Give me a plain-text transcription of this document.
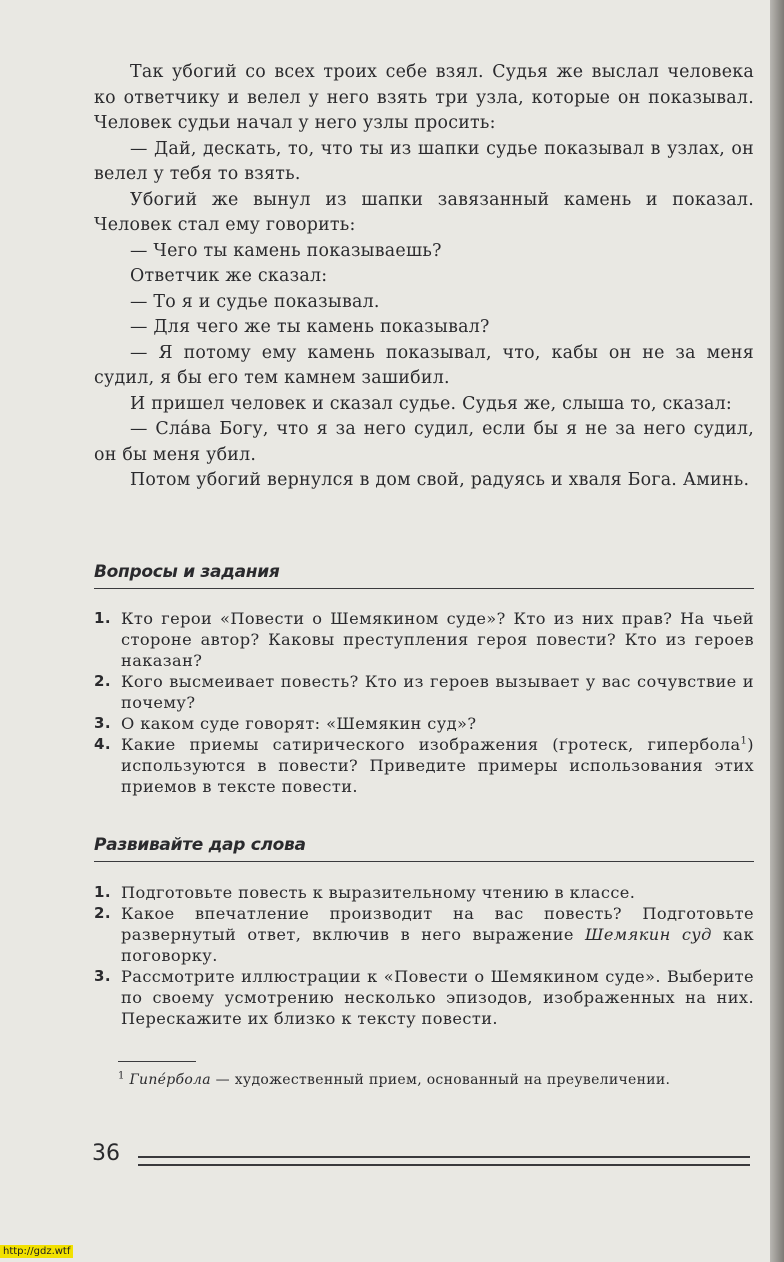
Так убогий со всех троих себе взял. Судья же выслал человека ко ответчику и велел у него взять три узла, которые он показывал. Человек судьи начал у него узлы просить:

— Дай, дескать, то, что ты из шапки судье показывал в узлах, он велел у тебя то взять.

Убогий же вынул из шапки завязанный камень и показал. Человек стал ему говорить:

— Чего ты камень показываешь?

Ответчик же сказал:

— То я и судье показывал.

— Для чего же ты камень показывал?

— Я потому ему камень показывал, что, кабы он не за меня судил, я бы его тем камнем зашибил.

И пришел человек и сказал судье. Судья же, слыша то, сказал:

— Слáва Богу, что я за него судил, если бы я не за него судил, он бы меня убил.

Потом убогий вернулся в дом свой, радуясь и хваля Бога. Аминь.

Вопросы и задания
1. Кто герои «Повести о Шемякином суде»? Кто из них прав? На чьей стороне автор? Каковы преступления героя повести? Кто из героев наказан?
2. Кого высмеивает повесть? Кто из героев вызывает у вас сочувствие и почему?
3. О каком суде говорят: «Шемякин суд»?
4. Какие приемы сатирического изображения (гротеск, гипербола$^1$) используются в повести? Приведите примеры использования этих приемов в тексте повести.
Развивайте дар слова
1. Подготовьте повесть к выразительному чтению в классе.
2. Какое впечатление производит на вас повесть? Подготовьте развернутый ответ, включив в него выражение Шемякин суд как поговорку.
3. Рассмотрите иллюстрации к «Повести о Шемякином суде». Выберите по своему усмотрению несколько эпизодов, изображенных на них. Перескажите их близко к тексту повести.
$^1$ Гипéрбола — художественный прием, основанный на преувеличении.
36
http://gdz.wtf
